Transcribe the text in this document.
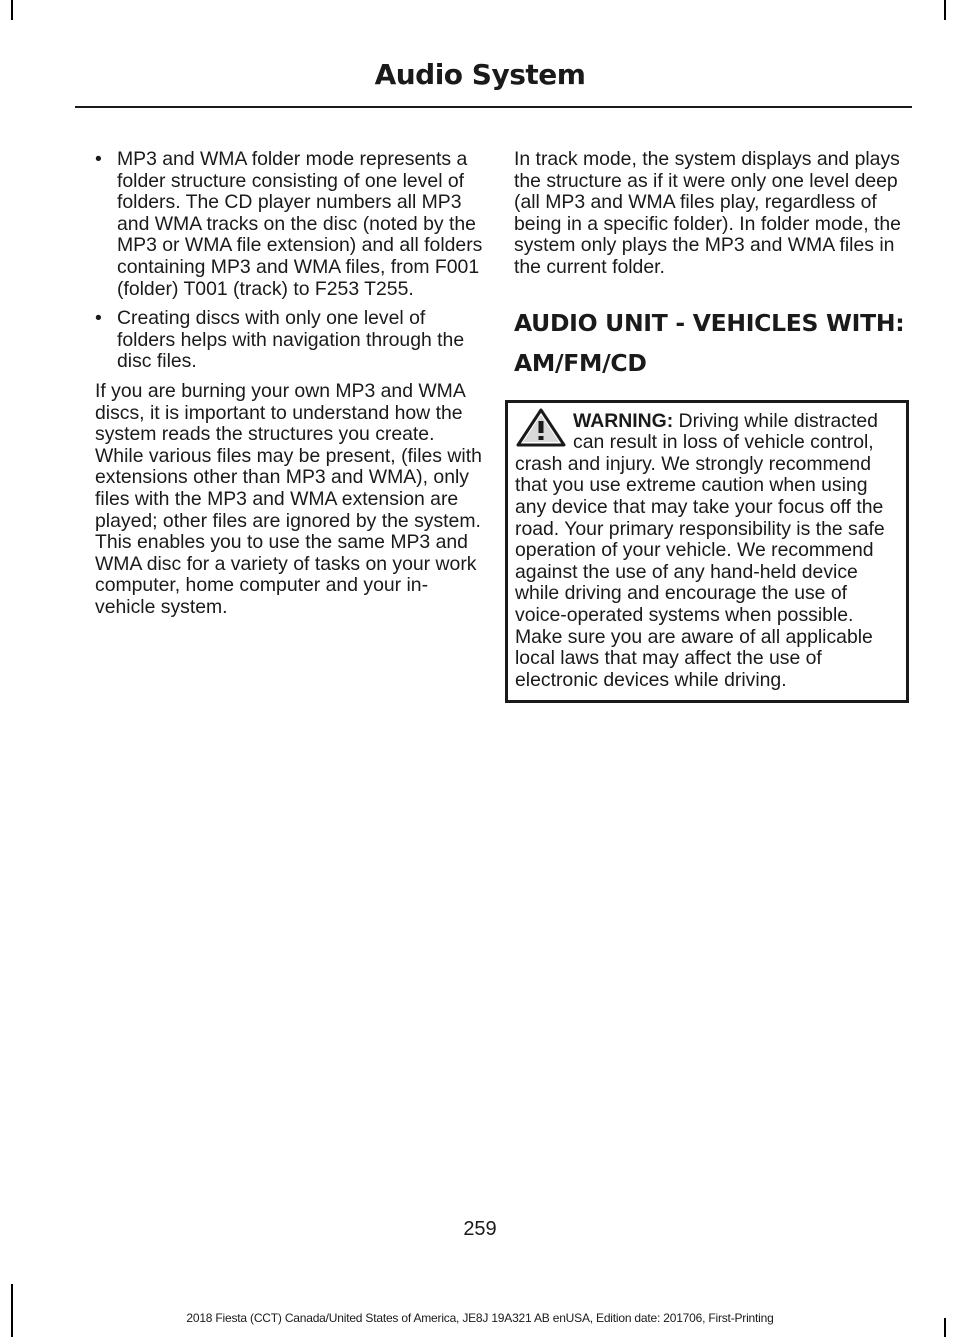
Audio System
• MP3 and WMA folder mode represents a folder structure consisting of one level of folders. The CD player numbers all MP3 and WMA tracks on the disc (noted by the MP3 or WMA file extension) and all folders containing MP3 and WMA files, from F001 (folder) T001 (track) to F253 T255.
• Creating discs with only one level of folders helps with navigation through the disc files.

If you are burning your own MP3 and WMA discs, it is important to understand how the system reads the structures you create. While various files may be present, (files with extensions other than MP3 and WMA), only files with the MP3 and WMA extension are played; other files are ignored by the system. This enables you to use the same MP3 and WMA disc for a variety of tasks on your work computer, home computer and your in-vehicle system.

In track mode, the system displays and plays the structure as if it were only one level deep (all MP3 and WMA files play, regardless of being in a specific folder). In folder mode, the system only plays the MP3 and WMA files in the current folder.

AUDIO UNIT - VEHICLES WITH:
AM/FM/CD
WARNING: Driving while distracted can result in loss of vehicle control, crash and injury. We strongly recommend that you use extreme caution when using any device that may take your focus off the road. Your primary responsibility is the safe operation of your vehicle. We recommend against the use of any hand-held device while driving and encourage the use of voice-operated systems when possible. Make sure you are aware of all applicable local laws that may affect the use of electronic devices while driving.
259
2018 Fiesta (CCT) Canada/United States of America, JE8J 19A321 AB enUSA, Edition date: 201706, First-Printing
